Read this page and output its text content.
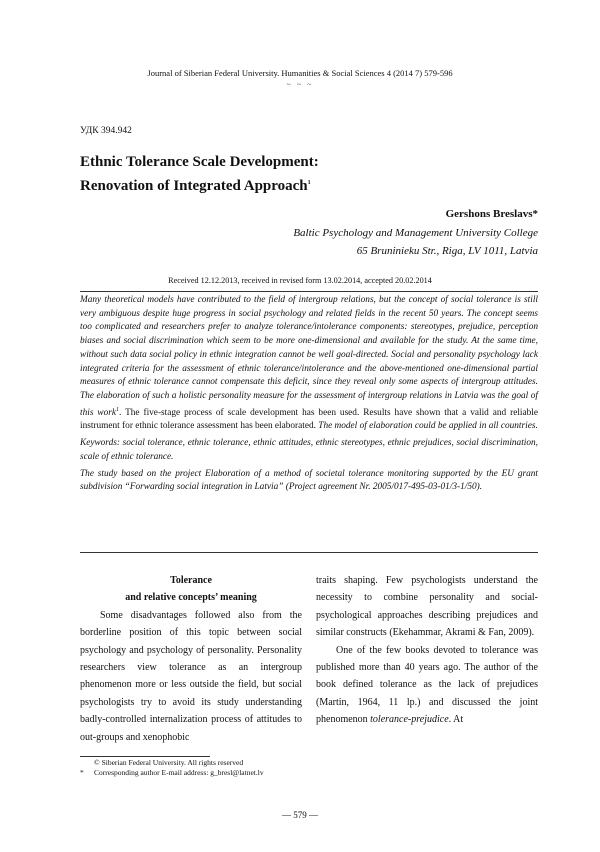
Journal of Siberian Federal University. Humanities & Social Sciences 4 (2014 7) 579-596
~ ~ ~
УДК 394.942
Ethnic Tolerance Scale Development:
Renovation of Integrated Approach$^1$
Gershons Breslavs*
Baltic Psychology and Management University College
65 Bruninieku Str., Riga, LV 1011, Latvia
Received 12.12.2013, received in revised form 13.02.2014, accepted 20.02.2014

Many theoretical models have contributed to the field of intergroup relations, but the concept of social tolerance is still very ambiguous despite huge progress in social psychology and related fields in the recent 50 years. The concept seems too complicated and researchers prefer to analyze tolerance/intolerance components: stereotypes, prejudice, perception biases and social discrimination which seem to be more one-dimensional and available for the study. At the same time, without such data social policy in ethnic integration cannot be well goal-directed. Social and personality psychology lack integrated criteria for the assessment of ethnic tolerance/intolerance and the above-mentioned one-dimensional partial measures of ethnic tolerance cannot compensate this deficit, since they reveal only some aspects of intergroup attitudes. The elaboration of such a holistic personality measure for the assessment of intergroup relations in Latvia was the goal of this work$^1$. The five-stage process of scale development has been used. Results have shown that a valid and reliable instrument for ethnic tolerance assessment has been elaborated. The model of elaboration could be applied in all countries.

Keywords: social tolerance, ethnic tolerance, ethnic attitudes, ethnic stereotypes, ethnic prejudices, social discrimination, scale of ethnic tolerance.

The study based on the project Elaboration of a method of societal tolerance monitoring supported by the EU grant subdivision “Forwarding social integration in Latvia” (Project agreement Nr. 2005/017-495-03-01/3-1/50).

Tolerance
and relative concepts’ meaning

Some disadvantages followed also from the borderline position of this topic between social psychology and psychology of personality. Personality researchers view tolerance as an intergroup phenomenon more or less outside the field, but social psychologists try to avoid its study understanding badly-controlled internalization process of attitudes to out-groups and xenophobic

traits shaping. Few psychologists understand the necessity to combine personality and social-psychological approaches describing prejudices and similar constructs (Ekehammar, Akrami & Fan, 2009).

One of the few books devoted to tolerance was published more than 40 years ago. The author of the book defined tolerance as the lack of prejudices (Martin, 1964, 11 lp.) and discussed the joint phenomenon tolerance-prejudice. At

© Siberian Federal University. All rights reserved
* Corresponding author E-mail address: g_bresl@latnet.lv
— 579 —
